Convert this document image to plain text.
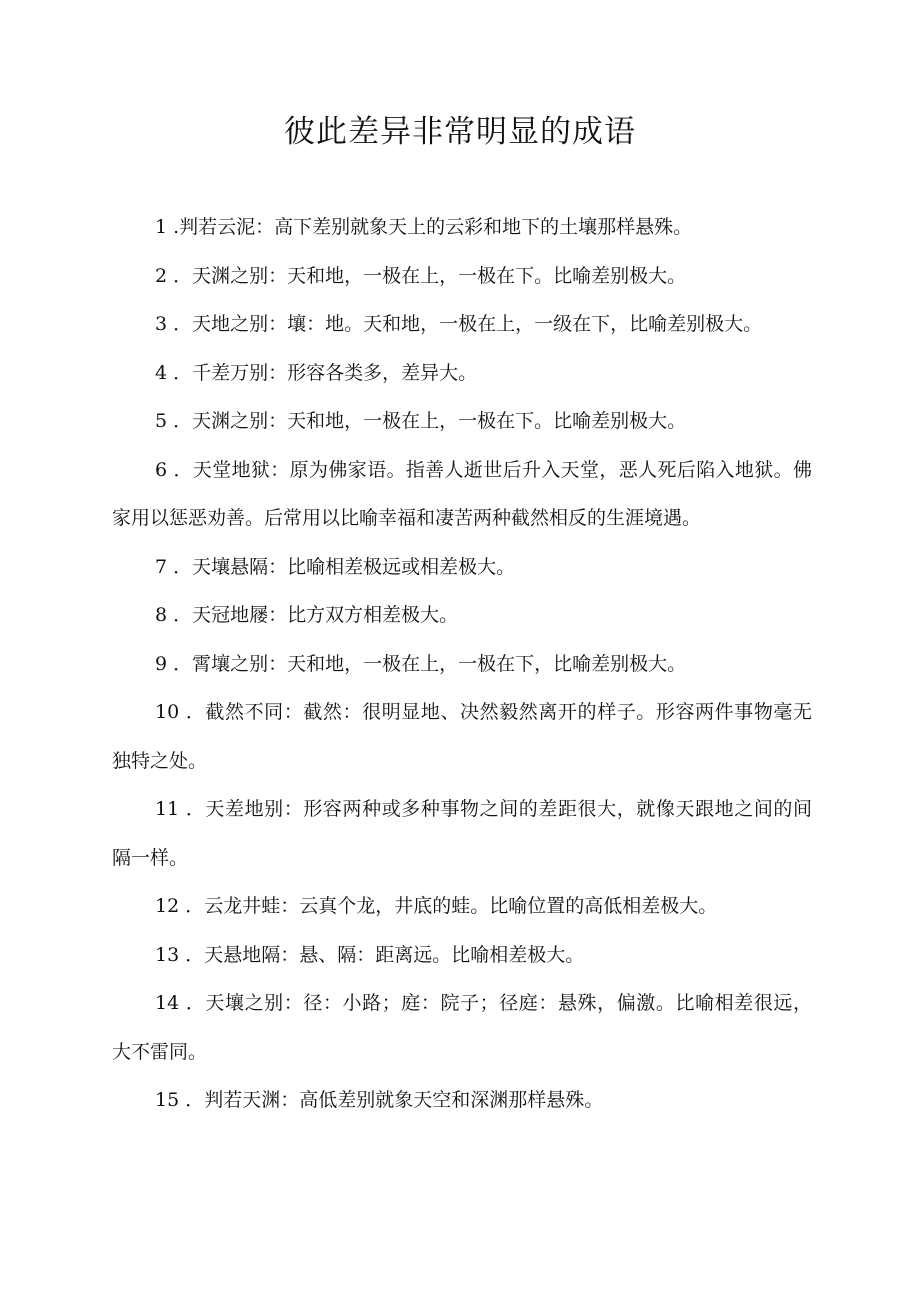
彼此差异非常明显的成语
1 .判若云泥：高下差别就象天上的云彩和地下的土壤那样悬殊。
2 ．天渊之别：天和地，一极在上，一极在下。比喻差别极大。
3 ．天地之别：壤：地。天和地，一极在上，一级在下，比喻差别极大。
4 ．千差万别：形容各类多，差异大。
5 ．天渊之别：天和地，一极在上，一极在下。比喻差别极大。
6 ．天堂地狱：原为佛家语。指善人逝世后升入天堂，恶人死后陷入地狱。佛家用以惩恶劝善。后常用以比喻幸福和凄苦两种截然相反的生涯境遇。
7 ．天壤悬隔：比喻相差极远或相差极大。
8 ．天冠地屦：比方双方相差极大。
9 ．霄壤之别：天和地，一极在上，一极在下，比喻差别极大。
10 ．截然不同：截然：很明显地、决然毅然离开的样子。形容两件事物毫无独特之处。
11 ．天差地别：形容两种或多种事物之间的差距很大，就像天跟地之间的间隔一样。
12 ．云龙井蛙：云真个龙，井底的蛙。比喻位置的高低相差极大。
13 ．天悬地隔：悬、隔：距离远。比喻相差极大。
14 ．天壤之别：径：小路；庭：院子；径庭：悬殊，偏激。比喻相差很远，大不雷同。
15 ．判若天渊：高低差别就象天空和深渊那样悬殊。
